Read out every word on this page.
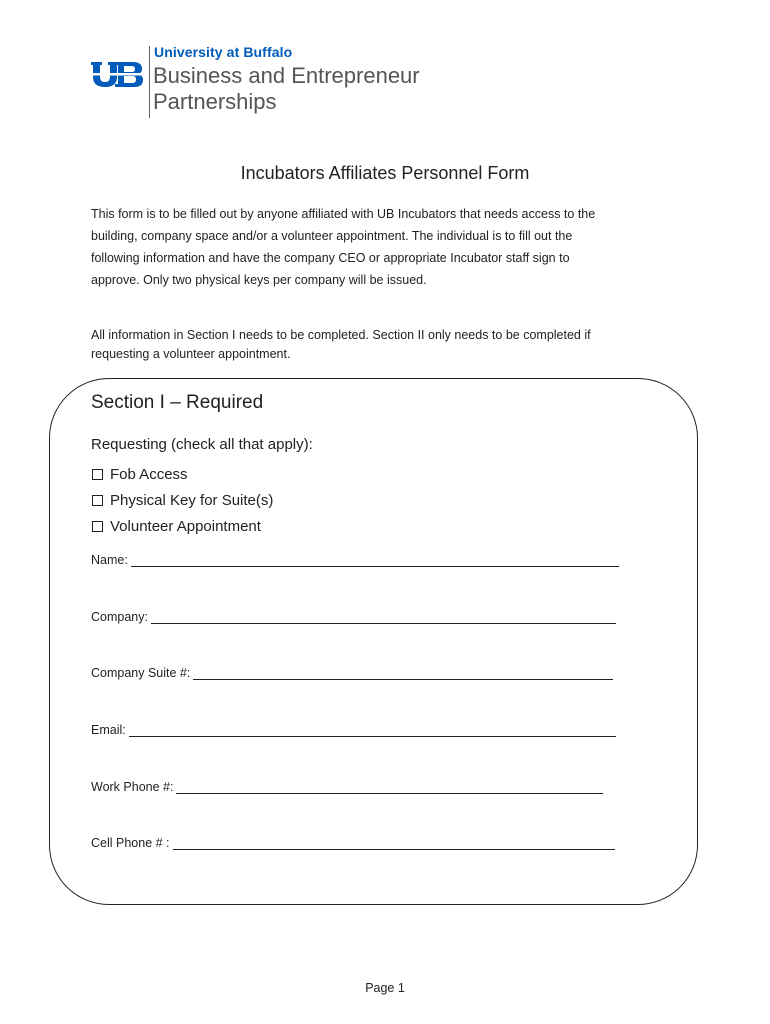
University at Buffalo
Business and Entrepreneur
Partnerships
Incubators Affiliates Personnel Form

This form is to be filled out by anyone affiliated with UB Incubators that needs access to the
building, company space and/or a volunteer appointment. The individual is to fill out the
following information and have the company CEO or appropriate Incubator staff sign to
approve. Only two physical keys per company will be issued.

All information in Section I needs to be completed. Section II only needs to be completed if
requesting a volunteer appointment.

Section I – Required
Requesting (check all that apply):
Fob Access
Physical Key for Suite(s)
Volunteer Appointment
Name:
Company:
Company Suite #:
Email:
Work Phone #:
Cell Phone # :
Page 1
